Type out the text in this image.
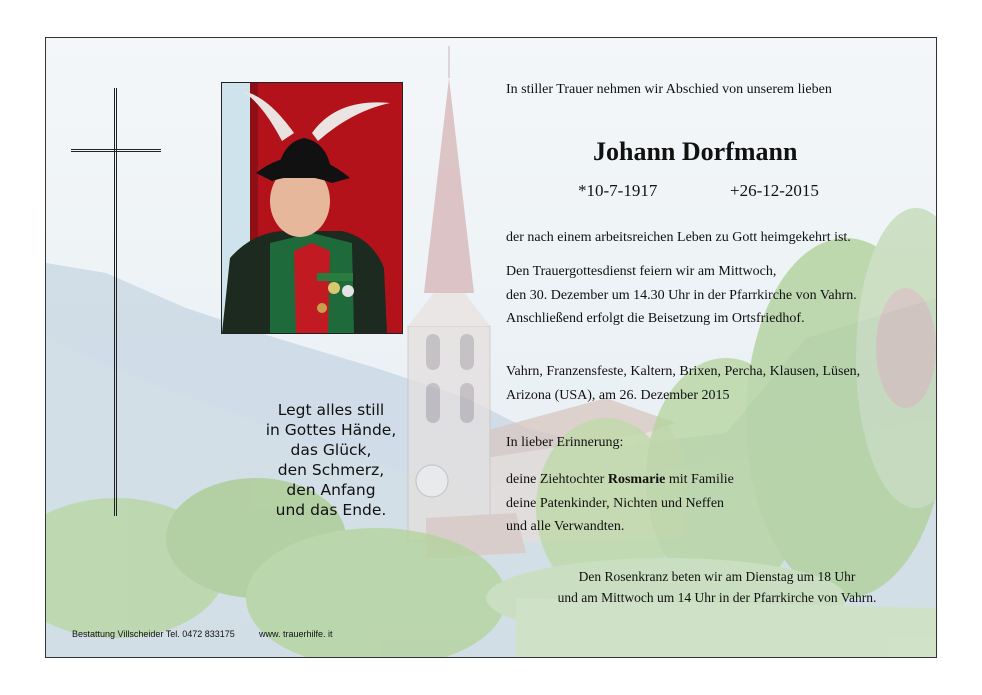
Legt alles still
in Gottes Hände,
das Glück,
den Schmerz,
den Anfang
und das Ende.
In stiller Trauer nehmen wir Abschied von unserem lieben
Johann Dorfmann
*10-7-1917	+26-12-2015
der nach einem arbeitsreichen Leben zu Gott heimgekehrt ist.
Den Trauergottesdienst feiern wir am Mittwoch,
den 30. Dezember um 14.30 Uhr in der Pfarrkirche von Vahrn.
Anschließend erfolgt die Beisetzung im Ortsfriedhof.
Vahrn, Franzensfeste, Kaltern, Brixen, Percha, Klausen, Lüsen,
Arizona (USA), am 26. Dezember 2015
In lieber Erinnerung:
deine Ziehtochter Rosmarie mit Familie
deine Patenkinder, Nichten und Neffen
und alle Verwandten.
Den Rosenkranz beten wir am Dienstag um 18 Uhr
und am Mittwoch um 14 Uhr in der Pfarrkirche von Vahrn.
Bestattung Villscheider Tel. 0472 833175	www. trauerhilfe. it
